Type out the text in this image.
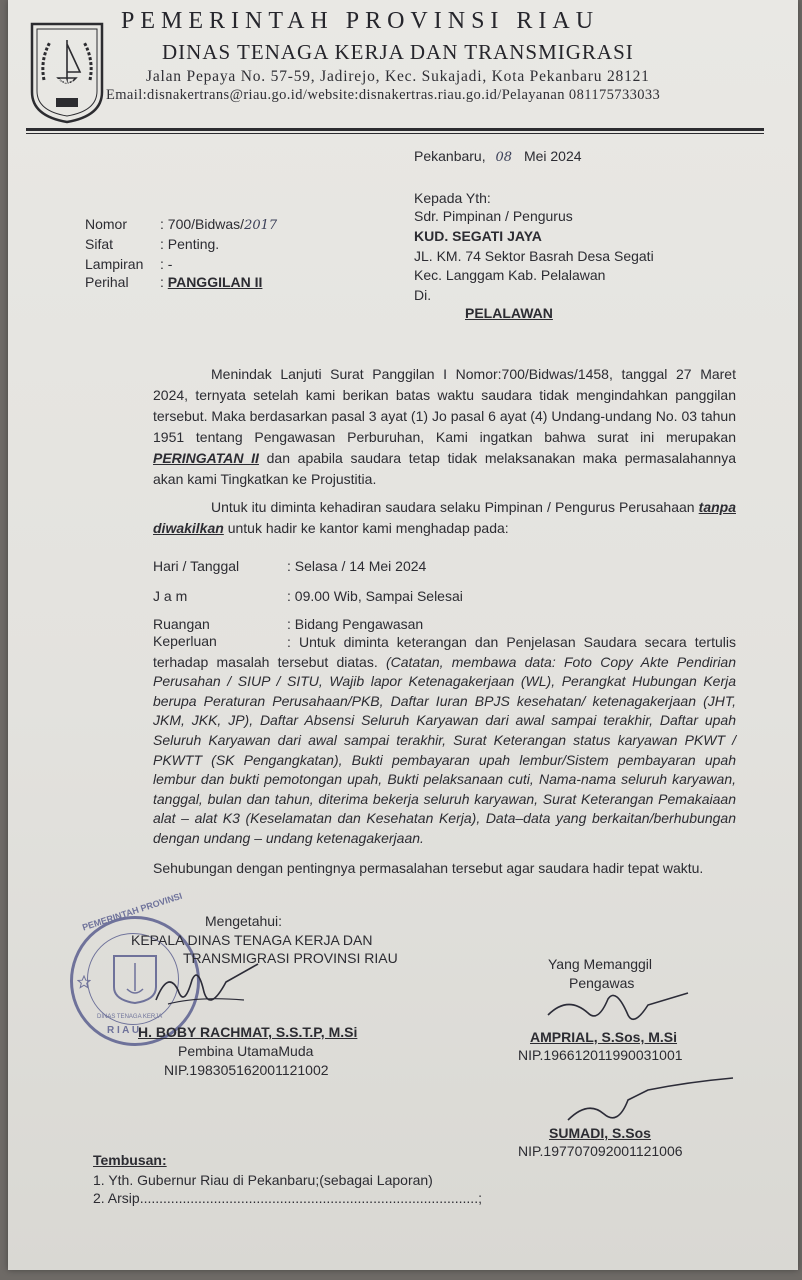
RIAU
PEMERINTAH PROVINSI RIAU
DINAS TENAGA KERJA DAN TRANSMIGRASI
Jalan Pepaya No. 57-59, Jadirejo, Kec. Sukajadi, Kota Pekanbaru 28121
Email:disnakertrans@riau.go.id/website:disnakertras.riau.go.id/Pelayanan 081175733033
Pekanbaru, 08 Mei 2024
Kepada Yth:
Sdr. Pimpinan / Pengurus
KUD. SEGATI JAYA
JL. KM. 74 Sektor Basrah Desa Segati
Kec. Langgam Kab. Pelalawan
Di.
PELALAWAN
Nomor : 700/Bidwas/2017
Sifat	: Penting.
Lampiran : -
Perihal : PANGGILAN II
Menindak Lanjuti Surat Panggilan I Nomor:700/Bidwas/1458, tanggal 27 Maret 2024, ternyata setelah kami berikan batas waktu saudara tidak mengindahkan panggilan tersebut. Maka berdasarkan pasal 3 ayat (1) Jo pasal 6 ayat (4) Undang-undang No. 03 tahun 1951 tentang Pengawasan Perburuhan, Kami ingatkan bahwa surat ini merupakan PERINGATAN II dan apabila saudara tetap tidak melaksanakan maka permasalahannya akan kami Tingkatkan ke Projustitia.
Untuk itu diminta kehadiran saudara selaku Pimpinan / Pengurus Perusahaan tanpa diwakilkan untuk hadir ke kantor kami menghadap pada:
Hari / Tanggal	: Selasa / 14 Mei 2024
J a m	: 09.00 Wib, Sampai Selesai
Ruangan	: Bidang Pengawasan
Keperluan	: Untuk diminta keterangan dan Penjelasan Saudara secara tertulis terhadap masalah tersebut diatas. (Catatan, membawa data: Foto Copy Akte Pendirian Perusahan / SIUP / SITU, Wajib lapor Ketenagakerjaan (WL), Perangkat Hubungan Kerja berupa Peraturan Perusahaan/PKB, Daftar Iuran BPJS kesehatan/ ketenagakerjaan (JHT, JKM, JKK, JP), Daftar Absensi Seluruh Karyawan dari awal sampai terakhir, Daftar upah Seluruh Karyawan dari awal sampai terakhir, Surat Keterangan status karyawan PKWT / PKWTT (SK Pengangkatan), Bukti pembayaran upah lembur/Sistem pembayaran upah lembur dan bukti pemotongan upah, Bukti pelaksanaan cuti, Nama-nama seluruh karyawan, tanggal, bulan dan tahun, diterima bekerja seluruh karyawan, Surat Keterangan Pemakaiaan alat – alat K3 (Keselamatan dan Kesehatan Kerja), Data–data yang berkaitan/berhubungan dengan undang – undang ketenagakerjaan.
Sehubungan dengan pentingnya permasalahan tersebut agar saudara hadir tepat waktu.
PEMERINTAH PROVINSI
DINAS TENAGA KERJA
R I A U
Mengetahui:
KEPALA DINAS TENAGA KERJA DAN
TRANSMIGRASI PROVINSI RIAU
H. BOBY RACHMAT, S.S.T.P, M.Si
Pembina UtamaMuda
NIP.198305162001121002
Yang Memanggil
Pengawas
AMPRIAL, S.Sos, M.Si
NIP.196612011990031001
SUMADI, S.Sos
NIP.197707092001121006
Tembusan:
1. Yth. Gubernur Riau di Pekanbaru;(sebagai Laporan)
2. Arsip.......................................................................................;
